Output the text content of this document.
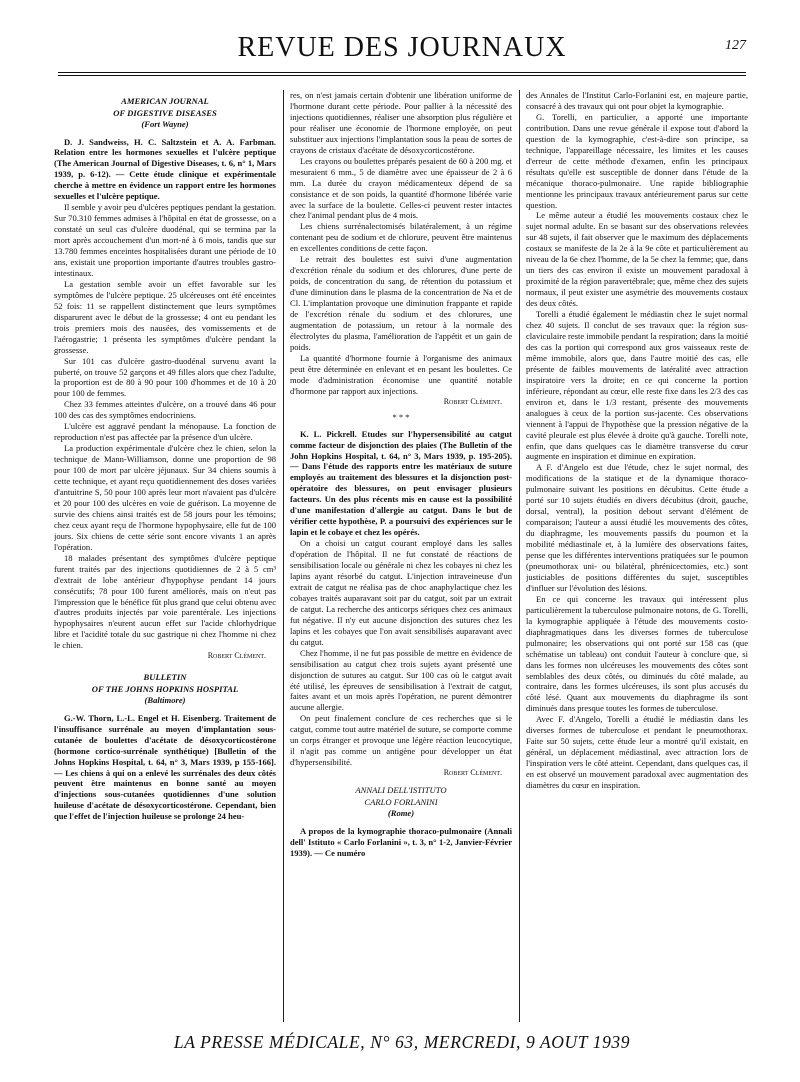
REVUE DES JOURNAUX	127

AMERICAN JOURNAL

OF DIGESTIVE DISEASES

(Fort Wayne)

D. J. Sandweiss, H. C. Saltzstein et A. A. Farbman. Relation entre les hormones sexuelles et l'ulcère peptique (The American Journal of Digestive Diseases, t. 6, n° 1, Mars 1939, p. 6-12). — Cette étude clinique et expérimentale cherche à mettre en évidence un rapport entre les hormones sexuelles et l'ulcère peptique.

Il semble y avoir peu d'ulcères peptiques pendant la gestation. Sur 70.310 femmes admises à l'hôpital en état de grossesse, on a constaté un seul cas d'ulcère duodénal, qui se termina par la mort après accouchement d'un mort-né à 6 mois, tandis que sur 13.780 femmes enceintes hospitalisées durant une période de 10 ans, existait une proportion importante d'autres troubles gastro-intestinaux.

La gestation semble avoir un effet favorable sur les symptômes de l'ulcère peptique. 25 ulcéreuses ont été enceintes 52 fois: 11 se rappellent distinctement que leurs symptômes disparurent avec le début de la grossesse; 4 ont eu pendant les trois premiers mois des nausées, des vomissements et de l'aérogastrie; 1 présenta les symptômes d'ulcère pendant la grossesse.

Sur 101 cas d'ulcère gastro-duodénal survenu avant la puberté, on trouve 52 garçons et 49 filles alors que chez l'adulte, la proportion est de 80 à 90 pour 100 d'hommes et de 10 à 20 pour 100 de femmes.

Chez 33 femmes atteintes d'ulcère, on a trouvé dans 46 pour 100 des cas des symptômes endocriniens.

L'ulcère est aggravé pendant la ménopause. La fonction de reproduction n'est pas affectée par la présence d'un ulcère.

La production expérimentale d'ulcère chez le chien, selon la technique de Mann-Williamson, donne une proportion de 98 pour 100 de mort par ulcère jéjunaux. Sur 34 chiens soumis à cette technique, et ayant reçu quotidiennement des doses variées d'antuitrine S, 50 pour 100 après leur mort n'avaient pas d'ulcère et 20 pour 100 des ulcères en voie de guérison. La moyenne de survie des chiens ainsi traités est de 58 jours pour les témoins; chez ceux ayant reçu de l'hormone hypophysaire, elle fut de 100 jours. Six chiens de cette série sont encore vivants 1 an après l'opération.

18 malades présentant des symptômes d'ulcère peptique furent traités par des injections quotidiennes de 2 à 5 cm³ d'extrait de lobe antérieur d'hypophyse pendant 14 jours consécutifs; 78 pour 100 furent améliorés, mais on n'eut pas l'impression que le bénéfice fût plus grand que celui obtenu avec d'autres produits injectés par voie parentérale. Les injections hypophysaires n'eurent aucun effet sur l'acide chlorhydrique libre et l'acidité totale du suc gastrique ni chez l'homme ni chez le chien.

Robert Clément.

BULLETIN

OF THE JOHNS HOPKINS HOSPITAL

(Baltimore)

G.-W. Thorn, L.-L. Engel et H. Eisenberg. Traitement de l'insuffisance surrénale au moyen d'implantation sous-cutanée de boulettes d'acétate de désoxycorticostérone (hormone cortico-surrénale synthétique) [Bulletin of the Johns Hopkins Hospital, t. 64, n° 3, Mars 1939, p 155-166]. — Les chiens à qui on a enlevé les surrénales des deux côtés peuvent être maintenus en bonne santé au moyen d'injections sous-cutanées quotidiennes d'une solution huileuse d'acétate de désoxycorticostérone. Cependant, bien que l'effet de l'injection huileuse se prolonge 24 heu-

res, on n'est jamais certain d'obtenir une libération uniforme de l'hormone durant cette période. Pour pallier à la nécessité des injections quotidiennes, réaliser une absorption plus régulière et pour réaliser une économie de l'hormone employée, on peut substituer aux injections l'implantation sous la peau de sortes de crayons de cristaux d'acétate de désoxycorticostérone.

Les crayons ou boulettes préparés pesaient de 60 à 200 mg. et mesuraient 6 mm., 5 de diamètre avec une épaisseur de 2 à 6 mm. La durée du crayon médicamenteux dépend de sa consistance et de son poids, la quantité d'hormone libérée varie avec la surface de la boulette. Celles-ci peuvent rester intactes chez l'animal pendant plus de 4 mois.

Les chiens surrénalectomisés bilatéralement, à un régime contenant peu de sodium et de chlorure, peuvent être maintenus en excellentes conditions de cette façon.

Le retrait des boulettes est suivi d'une augmentation d'excrétion rénale du sodium et des chlorures, d'une perte de poids, de concentration du sang, de rétention du potassium et d'une diminution dans le plasma de la concentration de Na et de Cl. L'implantation provoque une diminution frappante et rapide de l'excrétion rénale du sodium et des chlorures, une augmentation de potassium, un retour à la normale des électrolytes du plasma, l'amélioration de l'appétit et un gain de poids.

La quantité d'hormone fournie à l'organisme des animaux peut être déterminée en enlevant et en pesant les boulettes. Ce mode d'administration économise une quantité notable d'hormone par rapport aux injections.

Robert Clément.

* * *

K. L. Pickrell. Etudes sur l'hypersensibilité au catgut comme facteur de disjonction des plaies (The Bulletin of the John Hopkins Hospital, t. 64, n° 3, Mars 1939, p. 195-205). — Dans l'étude des rapports entre les matériaux de suture employés au traitement des blessures et la disjonction post-opératoire des blessures, on peut envisager plusieurs facteurs. Un des plus récents mis en cause est la possibilité d'une manifestation d'allergie au catgut. Dans le but de vérifier cette hypothèse, P. a poursuivi des expériences sur le lapin et le cobaye et chez les opérés.

On a choisi un catgut courant employé dans les salles d'opération de l'hôpital. Il ne fut constaté de réactions de sensibilisation locale ou générale ni chez les cobayes ni chez les lapins ayant résorbé du catgut. L'injection intraveineuse d'un extrait de catgut ne réalisa pas de choc anaphylactique chez les cobayes traités auparavant soit par du catgut, soit par un extrait de catgut. La recherche des anticorps sériques chez ces animaux fut négative. Il n'y eut aucune disjonction des sutures chez les lapins et les cobayes que l'on avait sensibilisés auparavant avec du catgut.

Chez l'homme, il ne fut pas possible de mettre en évidence de sensibilisation au catgut chez trois sujets ayant présenté une disjonction de sutures au catgut. Sur 100 cas où le catgut avait été utilisé, les épreuves de sensibilisation à l'extrait de catgut, faites avant et un mois après l'opération, ne purent démontrer aucune allergie.

On peut finalement conclure de ces recherches que si le catgut, comme tout autre matériel de suture, se comporte comme un corps étranger et provoque une légère réaction leucocytique, il n'agit pas comme un antigène pour développer un état d'hypersensibilité.

Robert Clément.

ANNALI DELL'ISTITUTO

CARLO FORLANINI

(Rome)

A propos de la kymographie thoraco-pulmonaire (Annali dell' Istituto « Carlo Forlanini », t. 3, n° 1-2, Janvier-Février 1939). — Ce numéro

des Annales de l'Institut Carlo-Forlanini est, en majeure partie, consacré à des travaux qui ont pour objet la kymographie.

G. Torelli, en particulier, a apporté une importante contribution. Dans une revue générale il expose tout d'abord la question de la kymographie, c'est-à-dire son principe, sa technique, l'appareillage nécessaire, les limites et les causes d'erreur de cette méthode d'examen, enfin les principaux résultats qu'elle est susceptible de donner dans l'étude de la mécanique thoraco-pulmonaire. Une rapide bibliographie mentionne les principaux travaux antérieurement parus sur cette question.

Le même auteur a étudié les mouvements costaux chez le sujet normal adulte. En se basant sur des observations relevées sur 48 sujets, il fait observer que le maximum des déplacements costaux se manifeste de la 2e à la 9e côte et particulièrement au niveau de la 6e chez l'homme, de la 5e chez la femme; que, dans un tiers des cas environ il existe un mouvement paradoxal à proximité de la région paravertébrale; que, même chez des sujets normaux, il peut exister une asymétrie des mouvements costaux des deux côtés.

Torelli a étudié également le médiastin chez le sujet normal chez 40 sujets. Il conclut de ses travaux que: la région sus-claviculaire reste immobile pendant la respiration; dans la moitié des cas la portion qui correspond aux gros vaisseaux reste de même immobile, alors que, dans l'autre moitié des cas, elle présente de faibles mouvements de latéralité avec attraction inspiratoire vers la droite; en ce qui concerne la portion inférieure, répondant au cœur, elle reste fixe dans les 2/3 des cas environ et, dans le 1/3 restant, présente des mouvements analogues à ceux de la portion sus-jacente. Ces observations viennent à l'appui de l'hypothèse que la pression négative de la cavité pleurale est plus élevée à droite qu'à gauche. Torelli note, enfin, que dans quelques cas le diamètre transverse du cœur augmente en inspiration et diminue en expiration.

A F. d'Angelo est due l'étude, chez le sujet normal, des modifications de la statique et de la dynamique thoraco-pulmonaire suivant les positions en décubitus. Cette étude a porté sur 10 sujets étudiés en divers décubitus (droit, gauche, dorsal, ventral), la position debout servant d'élément de comparaison; l'auteur a aussi étudié les mouvements des côtes, du diaphragme, les mouvements passifs du poumon et la mobilité médiastinale et, à la lumière des observations faites, pense que les différentes interventions pratiquées sur le poumon (pneumothorax uni- ou bilatéral, phrénicectomies, etc.) sont justiciables de positions différentes du sujet, susceptibles d'influer sur l'évolution des lésions.

En ce qui concerne les travaux qui intéressent plus particulièrement la tuberculose pulmonaire notons, de G. Torelli, la kymographie appliquée à l'étude des mouvements costo-diaphragmatiques dans les diverses formes de tuberculose pulmonaire; les observations qui ont porté sur 158 cas (que schématise un tableau) ont conduit l'auteur à conclure que, si dans les formes non ulcéreuses les mouvements des côtes sont semblables des deux côtés, ou diminués du côté malade, au contraire, dans les formes ulcéreuses, ils sont plus accusés du côté lésé. Quant aux mouvements du diaphragme ils sont diminués dans presque toutes les formes de tuberculose.

Avec F. d'Angelo, Torelli a étudié le médiastin dans les diverses formes de tuberculose et pendant le pneumothorax. Faite sur 50 sujets, cette étude leur a montré qu'il existait, en général, un déplacement médiastinal, avec attraction lors de l'inspiration vers le côté atteint. Cependant, dans quelques cas, il en est observé un mouvement paradoxal avec augmentation des diamètres du cœur en inspiration.

LA PRESSE MÉDICALE, N° 63, MERCREDI, 9 AOUT 1939
